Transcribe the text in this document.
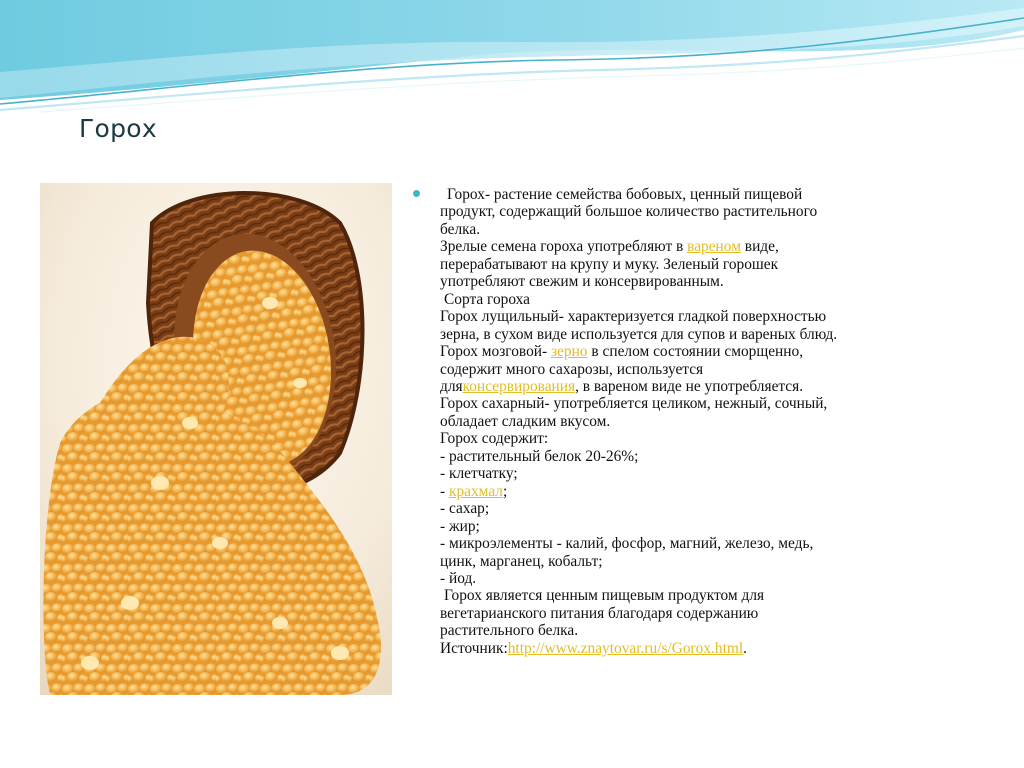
Горох
Горох- растение семейства бобовых, ценный пищевой
продукт, содержащий большое количество растительного
белка.
Зрелые семена гороха употребляют в вареном виде,
перерабатывают на крупу и муку. Зеленый горошек
употребляют свежим и консервированным.
Сорта гороха
Горох лущильный- характеризуется гладкой поверхностью
зерна, в сухом виде используется для супов и вареных блюд.
Горох мозговой- зерно в спелом состоянии сморщенно,
содержит много сахарозы, используется
дляконсервирования, в вареном виде не употребляется.
Горох сахарный- употребляется целиком, нежный, сочный,
обладает сладким вкусом.
Горох содержит:
- растительный белок 20-26%;
- клетчатку;
- крахмал;
- сахар;
- жир;
- микроэлементы - калий, фосфор, магний, железо, медь,
цинк, марганец, кобальт;
- йод.
Горох является ценным пищевым продуктом для
вегетарианского питания благодаря содержанию
растительного белка.
Источник:http://www.znaytovar.ru/s/Gorox.html.
